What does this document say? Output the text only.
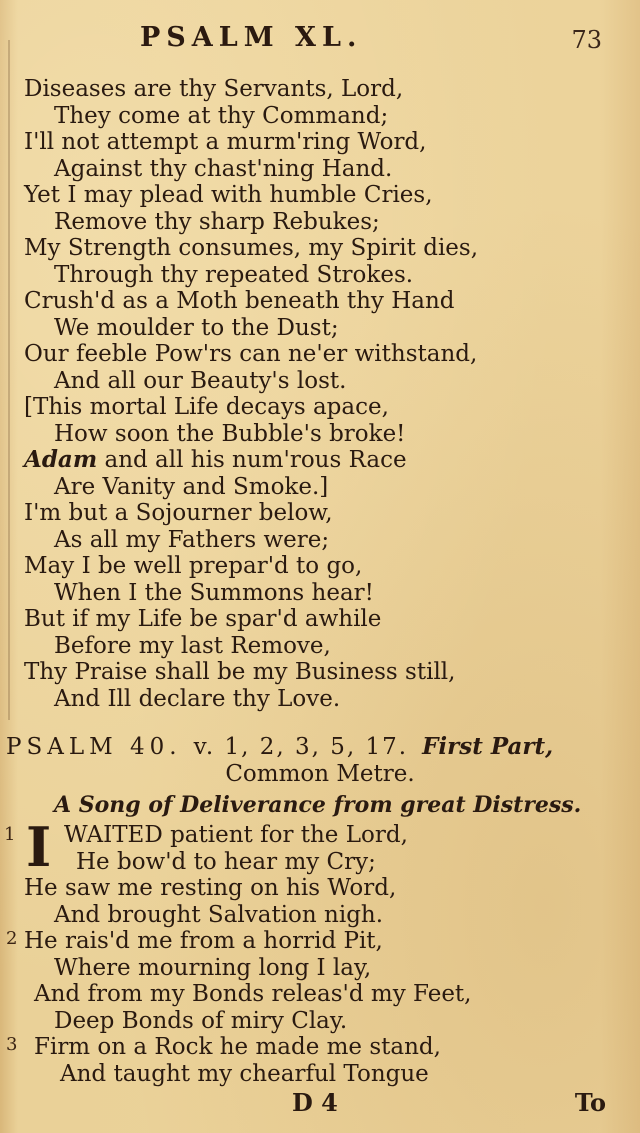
PSALM XL.	73
Diseases are thy Servants, Lord,
They come at thy Command;
I'll not attempt a murm'ring Word,
Against thy chast'ning Hand.
Yet I may plead with humble Cries,
Remove thy sharp Rebukes;
My Strength consumes, my Spirit dies,
Through thy repeated Strokes.
Crush'd as a Moth beneath thy Hand
We moulder to the Dust;
Our feeble Pow'rs can ne'er withstand,
And all our Beauty's lost.
[This mortal Life decays apace,
How soon the Bubble's broke!
Adam and all his num'rous Race
Are Vanity and Smoke.]
I'm but a Sojourner below,
As all my Fathers were;
May I be well prepar'd to go,
When I the Summons hear!
But if my Life be spar'd awhile
Before my last Remove,
Thy Praise shall be my Business still,
And Ill declare thy Love.
PSALM 40. v. 1, 2, 3, 5, 17. First Part,
Common Metre.
A Song of Deliverance from great Distress.
1
2
3
I WAITED patient for the Lord,
He bow'd to hear my Cry;
He saw me resting on his Word,
And brought Salvation nigh.
He rais'd me from a horrid Pit,
Where mourning long I lay,
And from my Bonds releas'd my Feet,
Deep Bonds of miry Clay.
Firm on a Rock he made me stand,
And taught my chearful Tongue
D 4	To
